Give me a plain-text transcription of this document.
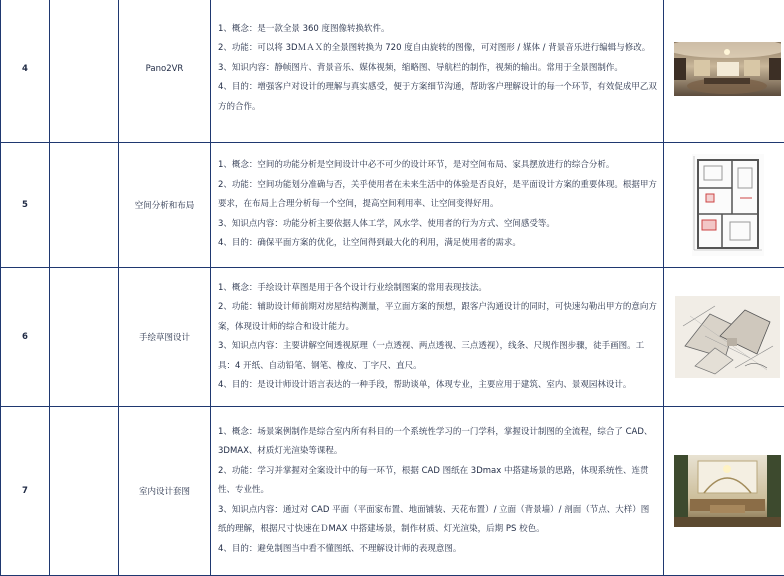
4		Pano2VR	1、概念：是一款全景 360 度图像转换软件。

2、功能：可以将 3DＭＡＸ的全景图转换为 720 度自由旋转的图像，可对图形 / 媒体 / 背景音乐进行编辑与修改。

3、知识内容：静帧图片、背景音乐、媒体视频，缩略图、导航栏的制作，视频的输出。常用于全景图制作。

4、目的：增强客户对设计的理解与真实感受，便于方案细节沟通，帮助客户理解设计的每一个环节，有效促成甲乙双方的合作。

5		空间分析和布局	1、概念：空间的功能分析是空间设计中必不可少的设计环节，是对空间布局、家具摆放进行的综合分析。

2、功能：空间功能划分准确与否，关乎使用者在未来生活中的体验是否良好，是平面设计方案的重要体现。根据甲方要求，在布局上合理分析每一个空间，提高空间利用率、让空间变得好用。

3、知识点内容：功能分析主要依据人体工学，风水学、使用者的行为方式、空间感受等。

4、目的：确保平面方案的优化，让空间得到最大化的利用，满足使用者的需求。

6		手绘草图设计	1、概念：手绘设计草图是用于各个设计行业绘制图案的常用表现技法。

2、功能：辅助设计师前期对房屋结构测量，平立面方案的预想，跟客户沟通设计的同时，可快速勾勒出甲方的意向方案，体现设计师的综合和设计能力。

3、知识点内容：主要讲解空间透视原理（一点透视、两点透视、三点透视），线条、尺规作图步骤，徒手画图。工具：4 开纸、自动铅笔、钢笔、橡皮、丁字尺、直尺。

4、目的：是设计师设计语言表达的一种手段，帮助谈单，体现专业，主要应用于建筑、室内、景观园林设计。

7		室内设计套图	1、概念：场景案例制作是综合室内所有科目的一个系统性学习的一门学科，掌握设计制图的全流程，综合了 CAD、3DMAX、材质灯光渲染等课程。

2、功能：学习并掌握对全案设计中的每一环节，根据 CAD 图纸在 3Dmax 中搭建场景的思路，体现系统性、连贯性、专业性。

3、知识点内容：通过对 CAD 平面（平面家布置、地面铺装、天花布置）/ 立面（背景墙）/ 剖面（节点、大样）图纸的理解，根据尺寸快速在ＤMAX 中搭建场景，制作材质、灯光渲染，后期 PS 校色。

4、目的：避免制图当中看不懂图纸、不理解设计师的表现意图。
